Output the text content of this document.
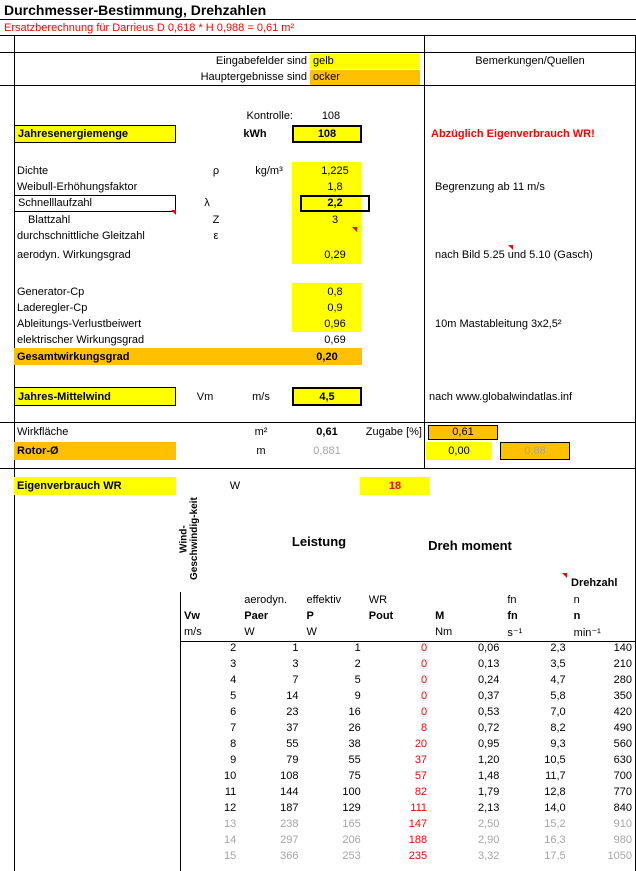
Durchmesser-Bestimmung, Drehzahlen
Ersatzberechnung für Darrieus D 0,618 * H 0,988 = 0,61 m²
Eingabefelder sind gelb
Hauptergebnisse sind ocker
Bemerkungen/Quellen
Kontrolle:	108
Jahresenergiemenge	kWh	108	Abzüglich Eigenverbrauch WR!
Dichte	ρ	kg/m³	1,225
Weibull-Erhöhungsfaktor	1,8	Begrenzung ab 11 m/s
Schnelllaufzahl	λ	2,2
Blattzahl	Z	3
durchschnittliche Gleitzahl	ε
aerodyn. Wirkungsgrad	0,29	nach Bild 5.25 und 5.10 (Gasch)
Generator-Cp	0,8
Laderegler-Cp	0,9
Ableitungs-Verlustbeiwert	0,96	10m Mastableitung 3x2,5²
elektrischer Wirkungsgrad	0,69
Gesamtwirkungsgrad	0,20
Jahres-Mittelwind	Vm	m/s	4,5	nach www.globalwindatlas.inf
Wirkfläche	m²	0,61	Zugabe [%]	0,61
Rotor-Ø	m	0,881	0,00	0,88
Eigenverbrauch WR	W	18
Wind-Geschwindig-keit	Leistung	Dreh moment
Drehzahl
	aerodyn.	effektiv	WR		fn	n
Vw	Paer	P	Pout	M	fn	n
m/s	W	W		Nm	s⁻¹	min⁻¹
2	1	1	0	0,06	2,3	140
3	3	2	0	0,13	3,5	210
4	7	5	0	0,24	4,7	280
5	14	9	0	0,37	5,8	350
6	23	16	0	0,53	7,0	420
7	37	26	8	0,72	8,2	490
8	55	38	20	0,95	9,3	560
9	79	55	37	1,20	10,5	630
10	108	75	57	1,48	11,7	700
11	144	100	82	1,79	12,8	770
12	187	129	111	2,13	14,0	840
13	238	165	147	2,50	15,2	910
14	297	206	188	2,90	16,3	980
15	366	253	235	3,32	17,5	1050
